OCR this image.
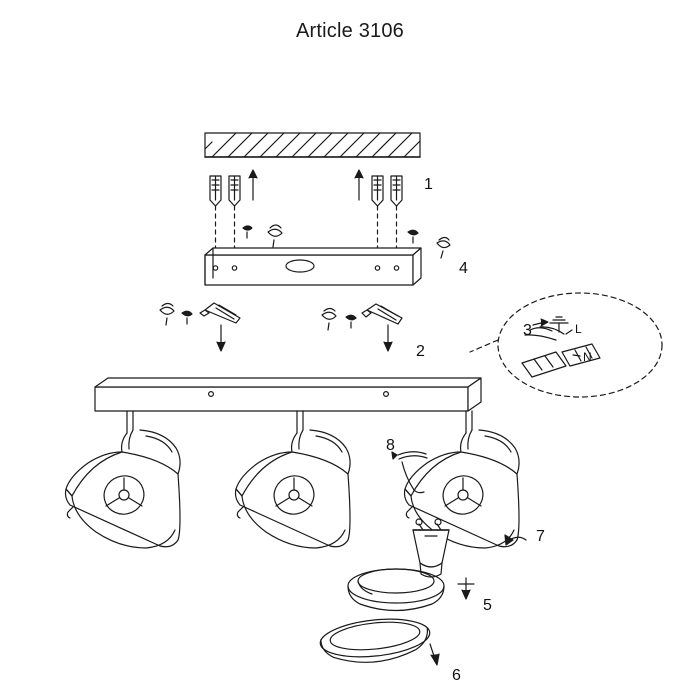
Article 3106
1
2
3
4
5
6
7
8
L
N
